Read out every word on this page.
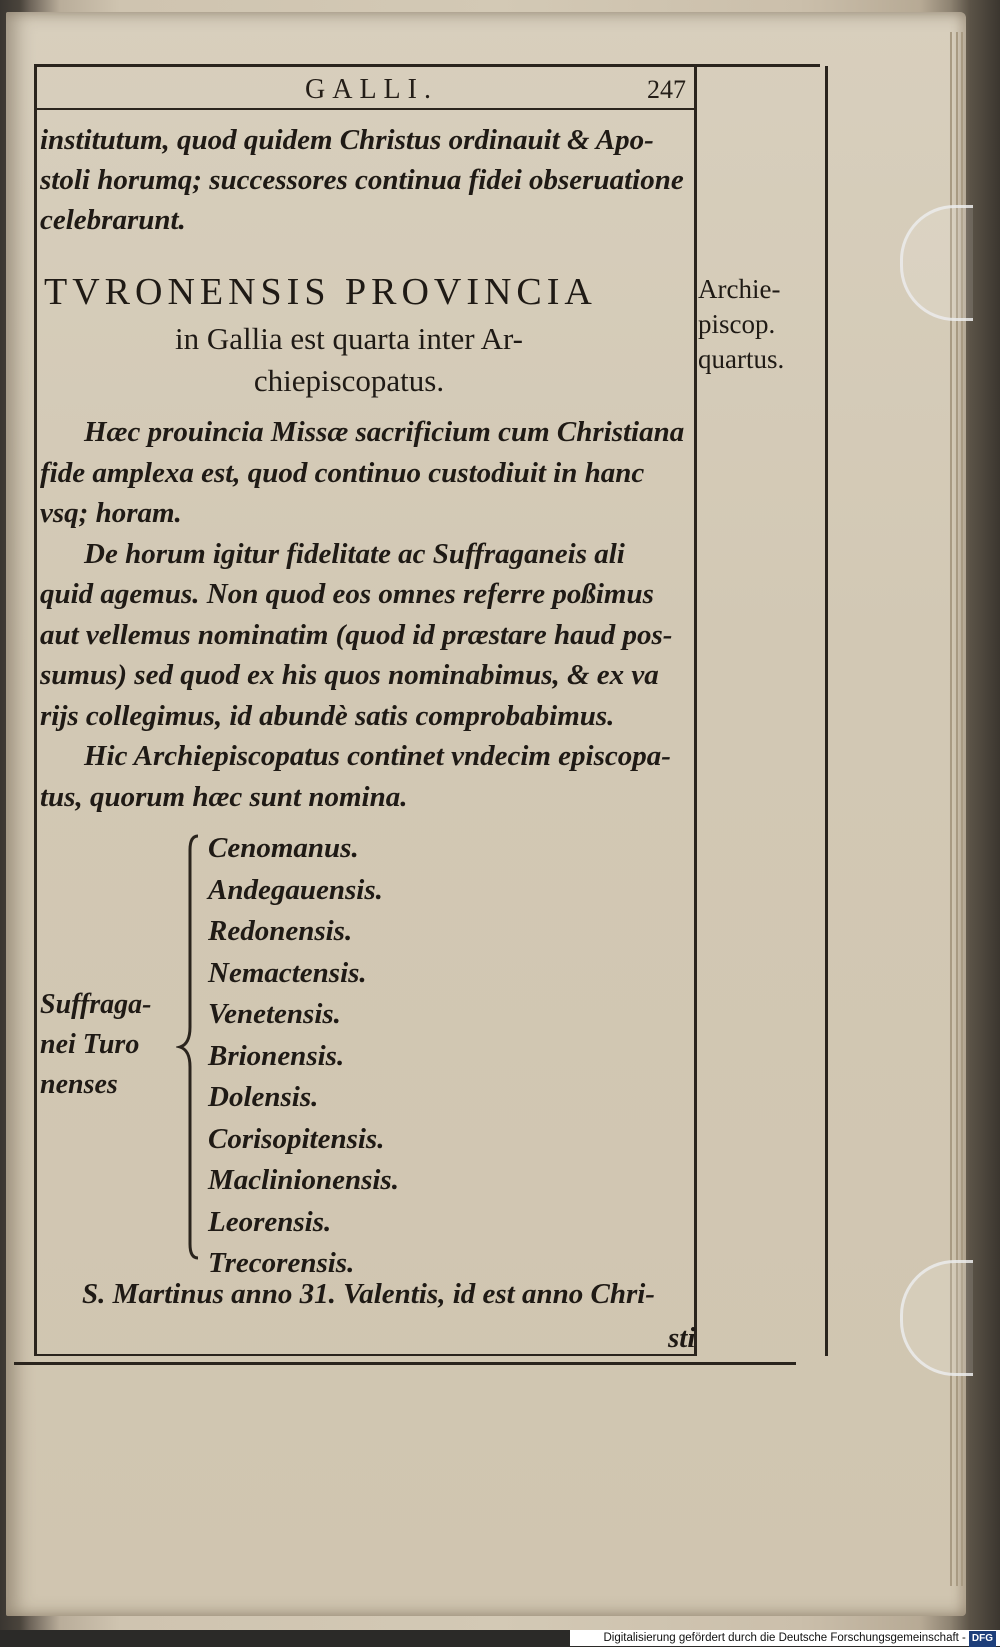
GALLI.	247
institutum, quod quidem Christus ordinauit & Apo-
stoli horumq; successores continua fidei obseruatione
celebrarunt.
TVRONENSIS PROVINCIA
in Gallia est quarta inter Ar-
chiepiscopatus.
Archie-
piscop.
quartus.
Hæc prouincia Missæ sacrificium cum Christiana
fide amplexa est, quod continuo custodiuit in hanc
vsq; horam.
De horum igitur fidelitate ac Suffraganeis ali
quid agemus. Non quod eos omnes referre poßimus
aut vellemus nominatim (quod id præstare haud pos-
sumus) sed quod ex his quos nominabimus, & ex va
rijs collegimus, id abundè satis comprobabimus.
Hic Archiepiscopatus continet vndecim episcopa-
tus, quorum hæc sunt nomina.
Suffraga-
nei Turo
nenses
Cenomanus.
Andegauensis.
Redonensis.
Nemactensis.
Venetensis.
Brionensis.
Dolensis.
Corisopitensis.
Maclinionensis.
Leorensis.
Trecorensis.
S. Martinus anno 31. Valentis, id est anno Chri-
sti
Digitalisierung gefördert durch die Deutsche Forschungsgemeinschaft - DFG
